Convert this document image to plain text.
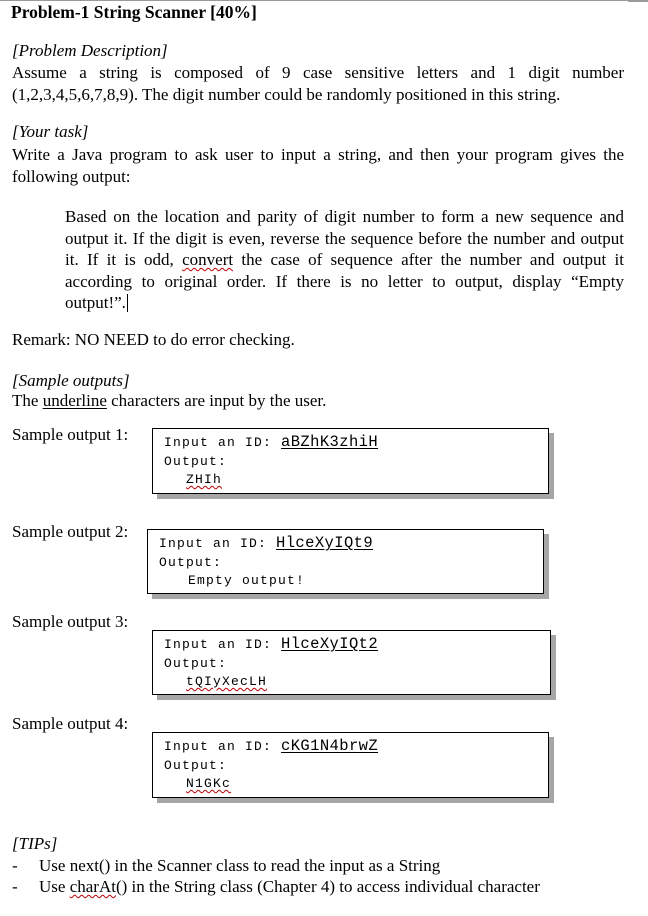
Problem-1 String Scanner [40%]
[Problem Description]
Assume a string is composed of 9 case sensitive letters and 1 digit number
(1,2,3,4,5,6,7,8,9). The digit number could be randomly positioned in this string.
[Your task]
Write a Java program to ask user to input a string, and then your program gives the
following output:
Based on the location and parity of digit number to form a new sequence and
output it. If the digit is even, reverse the sequence before the number and output
it. If it is odd, convert the case of sequence after the number and output it
according to original order. If there is no letter to output, display “Empty
output!”.
Remark: NO NEED to do error checking.
[Sample outputs]
The underline characters are input by the user.
Sample output 1:	Input an ID: aBZhK3zhiH
Output:
ZHIh
Sample output 2:
Input an ID: HlceXyIQt9
Output:
Empty output!
Sample output 3:
Input an ID: HlceXyIQt2
Output:
tQIyXecLH
Sample output 4:
Input an ID: cKG1N4brwZ
Output:
N1GKc
[TIPs]
- Use next() in the Scanner class to read the input as a String
- Use charAt() in the String class (Chapter 4) to access individual character
